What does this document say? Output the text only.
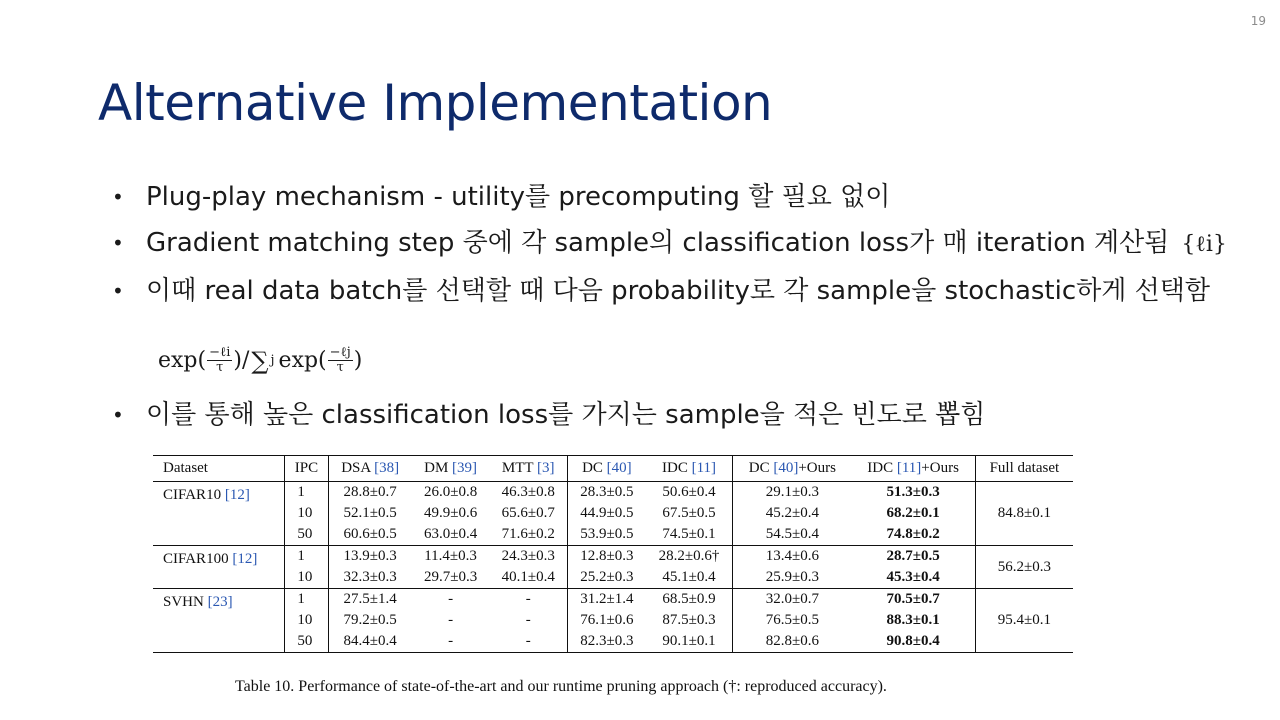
19
Alternative Implementation
• Plug-play mechanism - utility를 precomputing 할 필요 없이
• Gradient matching step 중에 각 sample의 classification loss가 매 iteration 계산됨 {ℓi}
• 이때 real data batch를 선택할 때 다음 probability로 각 sample을 stochastic하게 선택함
• 이를 통해 높은 classification loss를 가지는 sample을 적은 빈도로 뽑힘
$\exp( \frac{\text{−ℓi}}{\tau}$ )/ ∑ j $\exp( \frac{\text{−ℓj}}{\tau}$ )
Dataset	IPC	DSA [38]	DM [39]	MTT [3]	DC [40]	IDC [11]	DC [40]+Ours	IDC [11]+Ours	Full dataset
CIFAR10 [12]	1	28.8±0.7	26.0±0.8	46.3±0.8	28.3±0.5	50.6±0.4	29.1±0.3	51.3±0.3	84.8±0.1
	10	52.1±0.5	49.9±0.6	65.6±0.7	44.9±0.5	67.5±0.5	45.2±0.4	68.2±0.1	
	50	60.6±0.5	63.0±0.4	71.6±0.2	53.9±0.5	74.5±0.1	54.5±0.4	74.8±0.2	
CIFAR100 [12]	1	13.9±0.3	11.4±0.3	24.3±0.3	12.8±0.3	28.2±0.6†	13.4±0.6	28.7±0.5	56.2±0.3
	10	32.3±0.3	29.7±0.3	40.1±0.4	25.2±0.3	45.1±0.4	25.9±0.3	45.3±0.4	
SVHN [23]	1	27.5±1.4	-	-	31.2±1.4	68.5±0.9	32.0±0.7	70.5±0.7	95.4±0.1
	10	79.2±0.5	-	-	76.1±0.6	87.5±0.3	76.5±0.5	88.3±0.1	
	50	84.4±0.4	-	-	82.3±0.3	90.1±0.1	82.8±0.6	90.8±0.4	
Table 10. Performance of state-of-the-art and our runtime pruning approach (†: reproduced accuracy).
